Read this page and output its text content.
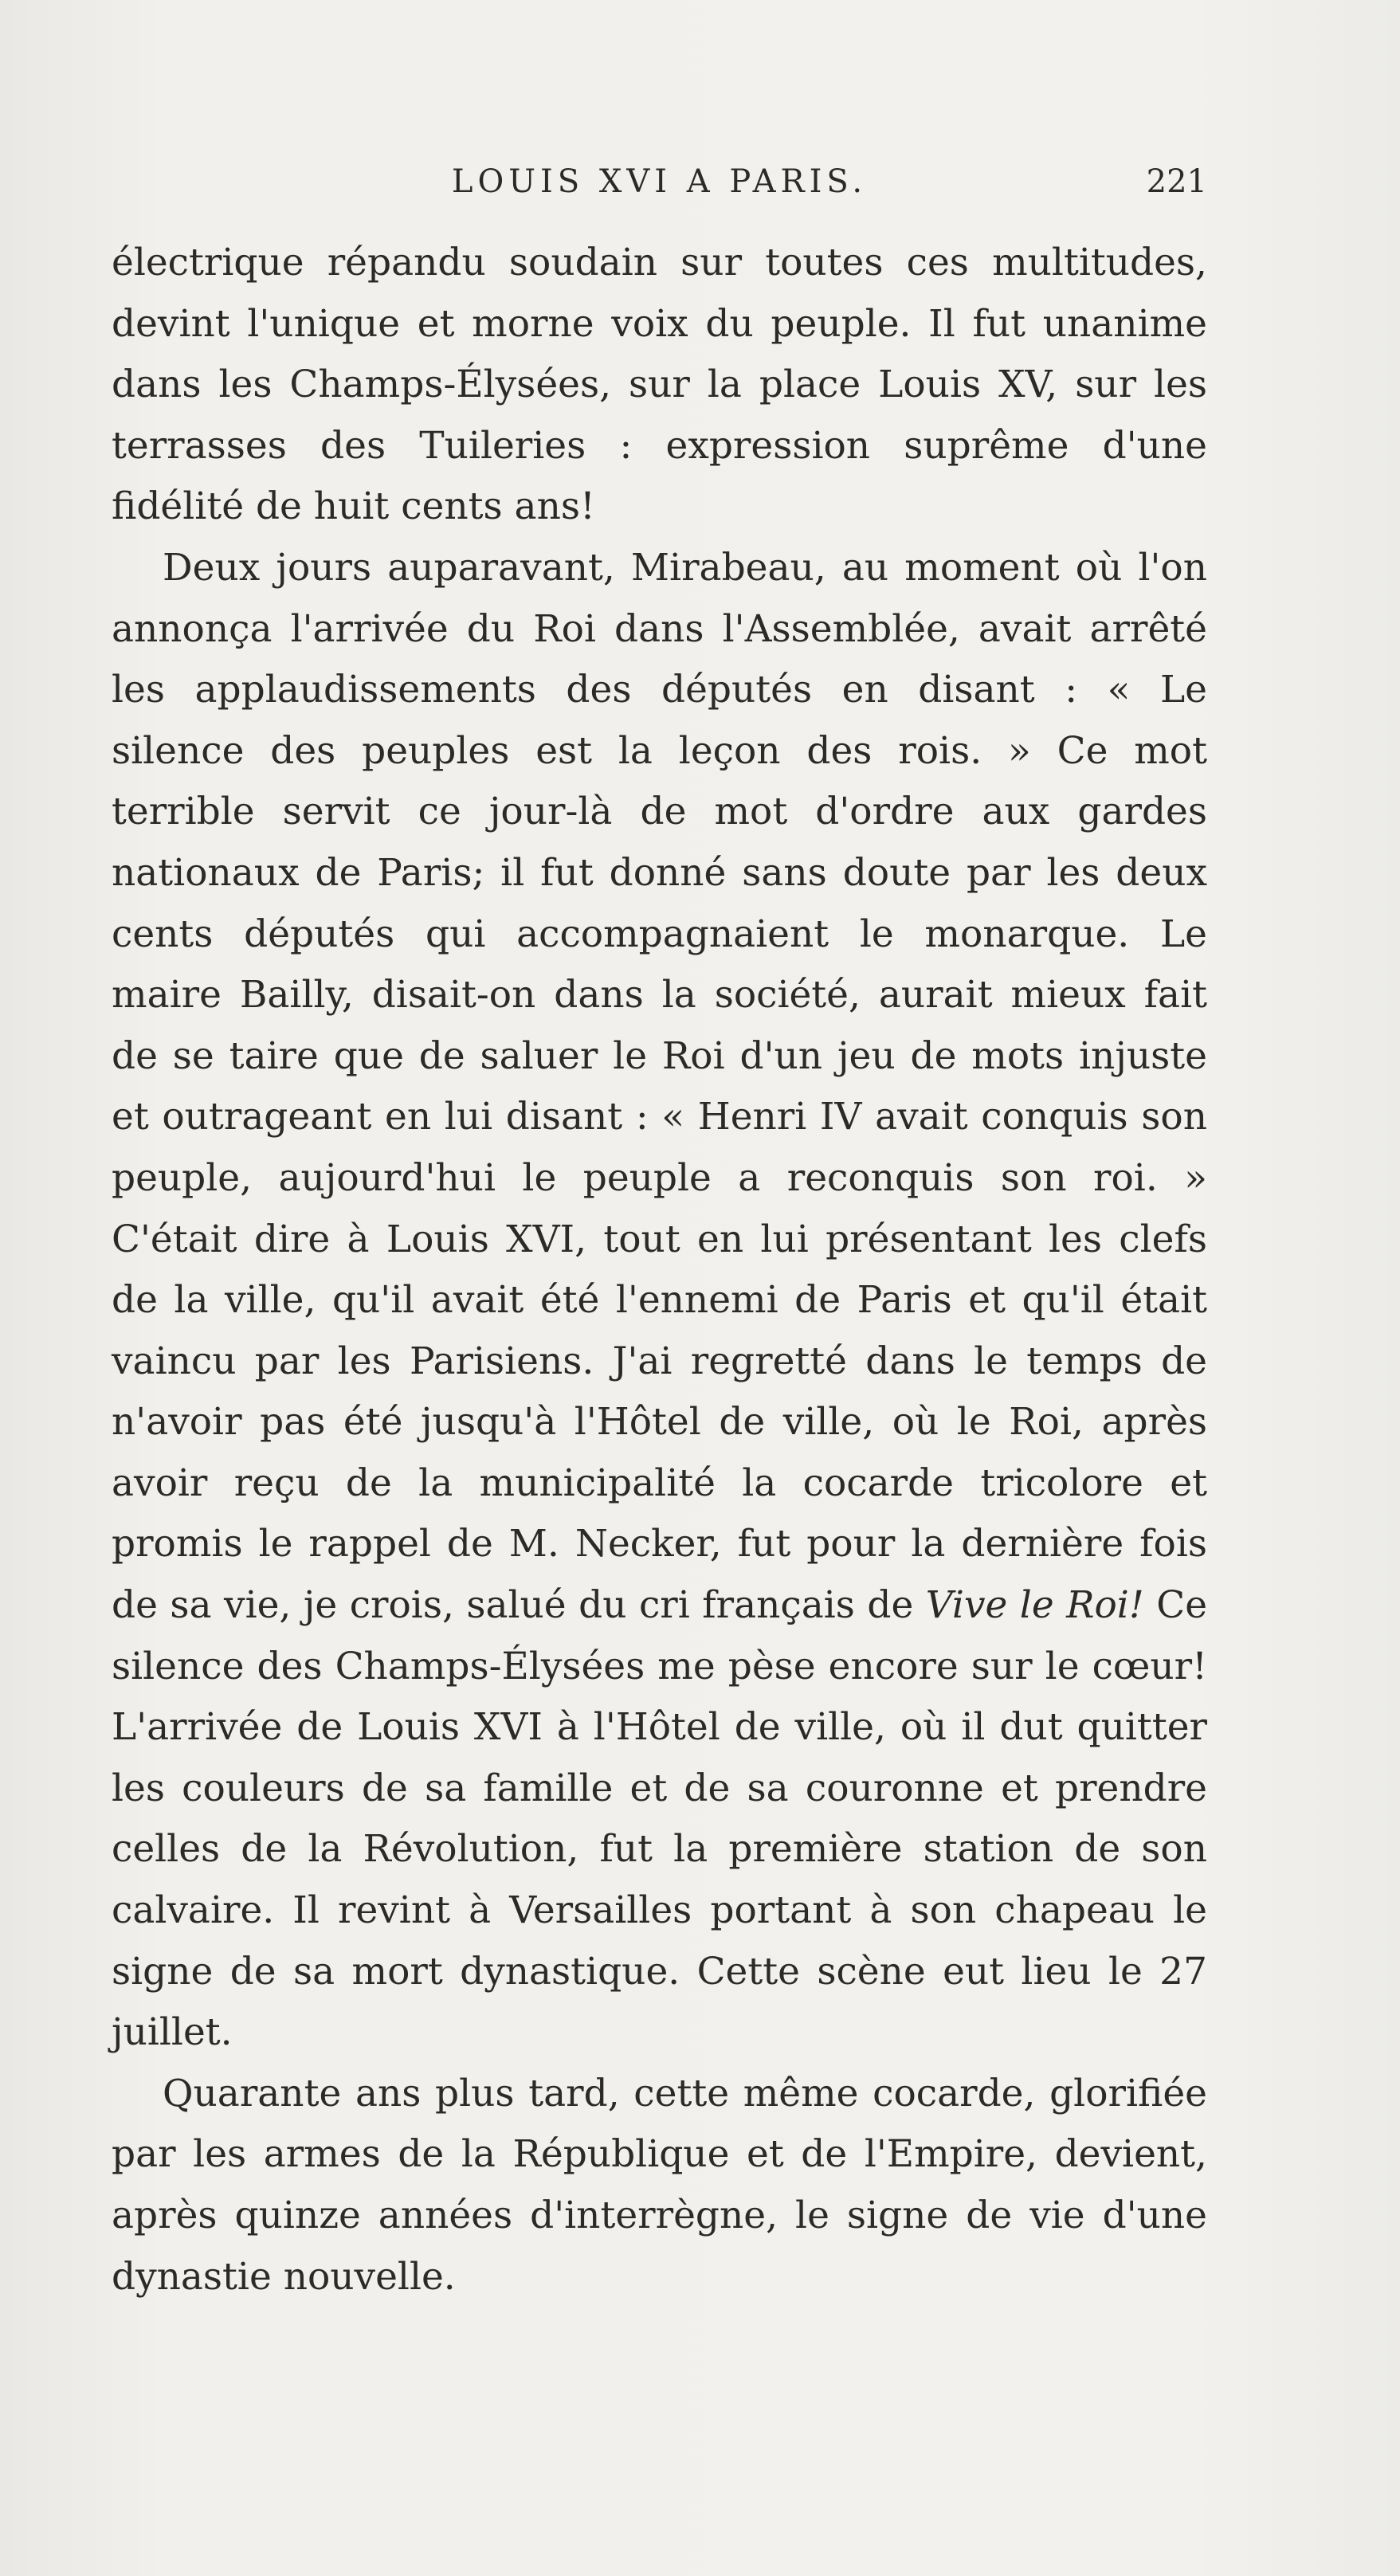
LOUIS XVI A PARIS.	221

électrique répandu soudain sur toutes ces multitudes, devint l'unique et morne voix du peuple. Il fut unanime dans les Champs-Élysées, sur la place Louis XV, sur les terrasses des Tuileries : expression suprême d'une fidélité de huit cents ans!

Deux jours auparavant, Mirabeau, au moment où l'on annonça l'arrivée du Roi dans l'Assemblée, avait arrêté les applaudissements des députés en disant : « Le silence des peuples est la leçon des rois. » Ce mot terrible servit ce jour-là de mot d'ordre aux gardes nationaux de Paris; il fut donné sans doute par les deux cents députés qui accompagnaient le monarque. Le maire Bailly, disait-on dans la société, aurait mieux fait de se taire que de saluer le Roi d'un jeu de mots injuste et outrageant en lui disant : « Henri IV avait conquis son peuple, aujourd'hui le peuple a reconquis son roi. » C'était dire à Louis XVI, tout en lui présentant les clefs de la ville, qu'il avait été l'ennemi de Paris et qu'il était vaincu par les Parisiens. J'ai regretté dans le temps de n'avoir pas été jusqu'à l'Hôtel de ville, où le Roi, après avoir reçu de la municipalité la cocarde tricolore et promis le rappel de M. Necker, fut pour la dernière fois de sa vie, je crois, salué du cri français de Vive le Roi! Ce silence des Champs-Élysées me pèse encore sur le cœur! L'arrivée de Louis XVI à l'Hôtel de ville, où il dut quitter les couleurs de sa famille et de sa couronne et prendre celles de la Révolution, fut la première station de son calvaire. Il revint à Versailles portant à son chapeau le signe de sa mort dynastique. Cette scène eut lieu le 27 juillet.

Quarante ans plus tard, cette même cocarde, glorifiée par les armes de la République et de l'Empire, devient, après quinze années d'interrègne, le signe de vie d'une dynastie nouvelle.
